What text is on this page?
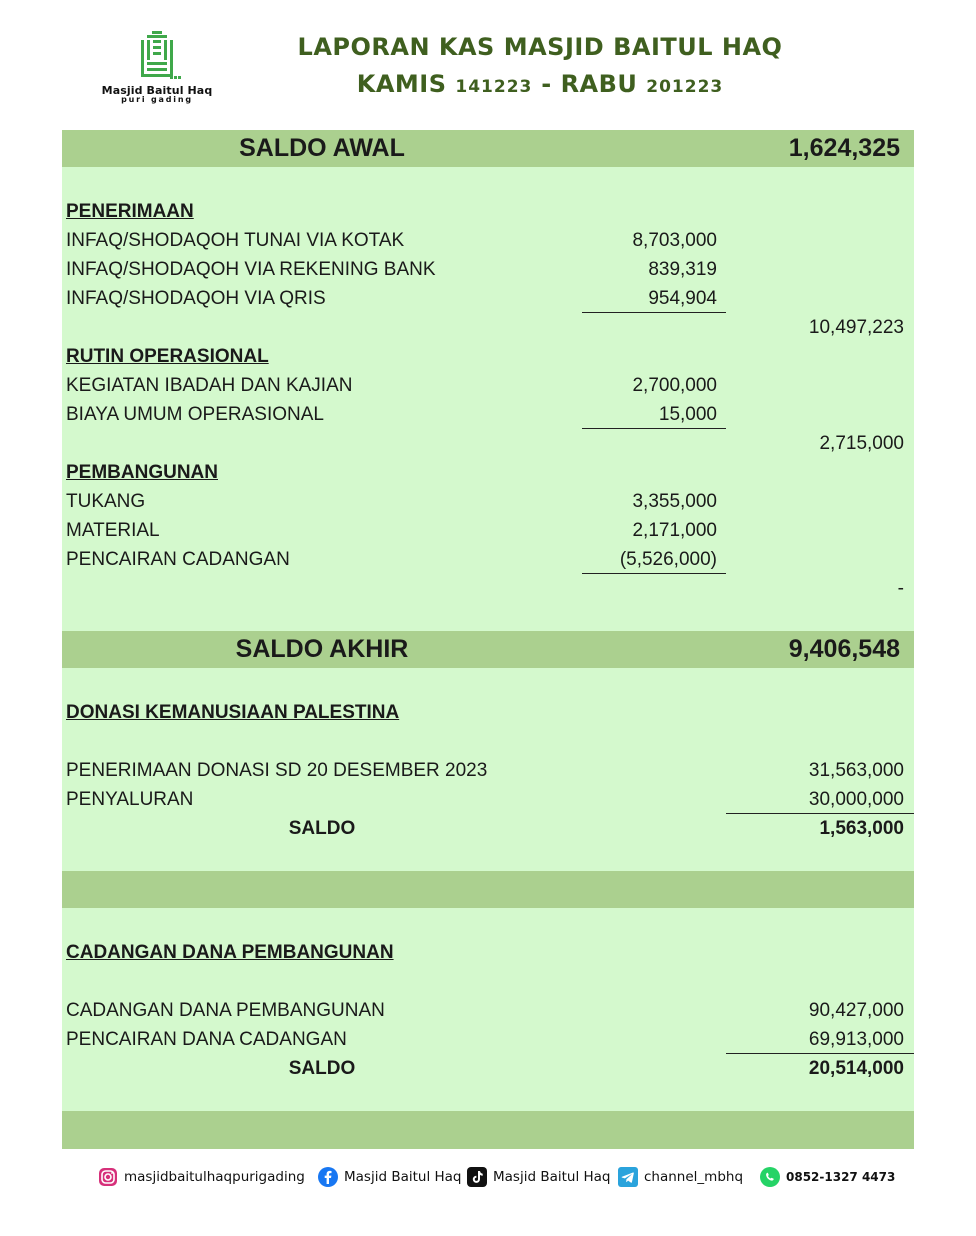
Masjid Baitul Haq
puri gading
LAPORAN KAS MASJID BAITUL HAQ
KAMIS 141223 - RABU 201223
SALDO AWAL	1,624,325
PENERIMAAN
INFAQ/SHODAQOH TUNAI VIA KOTAK	8,703,000
INFAQ/SHODAQOH VIA REKENING BANK	839,319
INFAQ/SHODAQOH VIA QRIS	954,904
10,497,223
RUTIN OPERASIONAL
KEGIATAN IBADAH DAN KAJIAN	2,700,000
BIAYA UMUM OPERASIONAL	15,000
2,715,000
PEMBANGUNAN
TUKANG	3,355,000
MATERIAL	2,171,000
PENCAIRAN CADANGAN	(5,526,000)
-
SALDO AKHIR	9,406,548
DONASI KEMANUSIAAN PALESTINA
PENERIMAAN DONASI SD 20 DESEMBER 2023	31,563,000
PENYALURAN	30,000,000
SALDO	1,563,000
CADANGAN DANA PEMBANGUNAN
CADANGAN DANA PEMBANGUNAN	90,427,000
PENCAIRAN DANA CADANGAN	69,913,000
SALDO	20,514,000
masjidbaitulhaqpurigading	Masjid Baitul Haq Masjid Baitul Haq channel_mbhq	0852-1327 4473
